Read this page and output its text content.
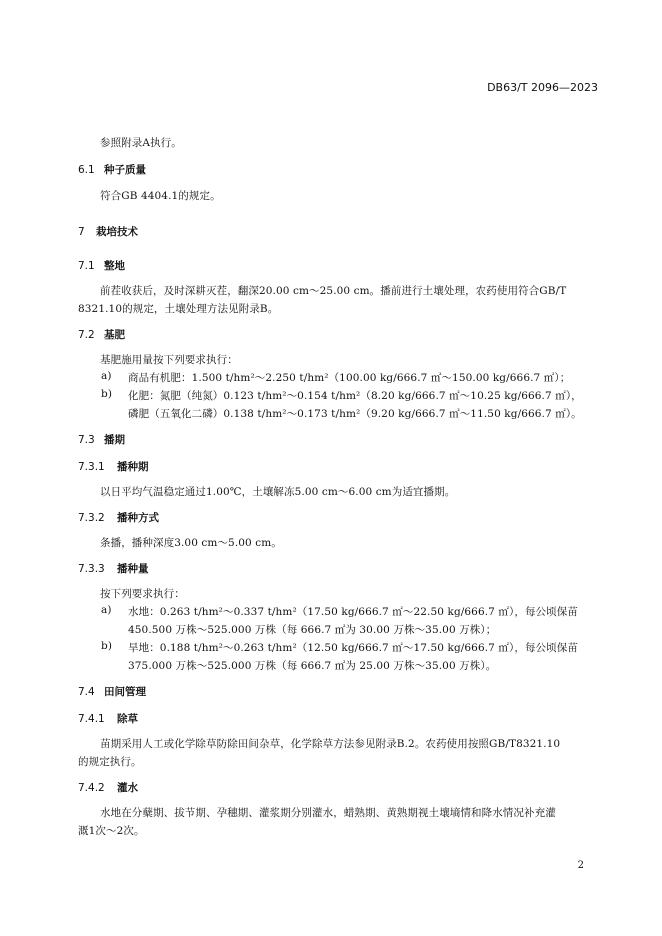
DB63/T 2096—2023
参照附录A执行。
6.1 种子质量
符合GB 4404.1的规定。
7 栽培技术
7.1 整地
前茬收获后，及时深耕灭茬，翻深20.00 cm～25.00 cm。播前进行土壤处理，农药使用符合GB/T
8321.10的规定，土壤处理方法见附录B。
7.2 基肥
基肥施用量按下列要求执行：
a) 商品有机肥：1.500 t/hm²～2.250 t/hm²（100.00 kg/666.7 ㎡～150.00 kg/666.7 ㎡）；
b) 化肥：氮肥（纯氮）0.123 t/hm²～0.154 t/hm²（8.20 kg/666.7 ㎡～10.25 kg/666.7 ㎡），
磷肥（五氧化二磷）0.138 t/hm²～0.173 t/hm²（9.20 kg/666.7 ㎡～11.50 kg/666.7 ㎡）。
7.3 播期
7.3.1 播种期
以日平均气温稳定通过1.00℃，土壤解冻5.00 cm～6.00 cm为适宜播期。
7.3.2 播种方式
条播，播种深度3.00 cm～5.00 cm。
7.3.3 播种量
按下列要求执行：
a) 水地：0.263 t/hm²～0.337 t/hm²（17.50 kg/666.7 ㎡～22.50 kg/666.7 ㎡），每公顷保苗
450.500 万株～525.000 万株（每 666.7 ㎡为 30.00 万株～35.00 万株）；
b) 旱地：0.188 t/hm²～0.263 t/hm²（12.50 kg/666.7 ㎡～17.50 kg/666.7 ㎡），每公顷保苗
375.000 万株～525.000 万株（每 666.7 ㎡为 25.00 万株～35.00 万株）。
7.4 田间管理
7.4.1 除草
苗期采用人工或化学除草防除田间杂草，化学除草方法参见附录B.2。农药使用按照GB/T8321.10
的规定执行。
7.4.2 灌水
水地在分蘖期、拔节期、孕穗期、灌浆期分别灌水，蜡熟期、黄熟期视土壤墒情和降水情况补充灌
溉1次～2次。
2
